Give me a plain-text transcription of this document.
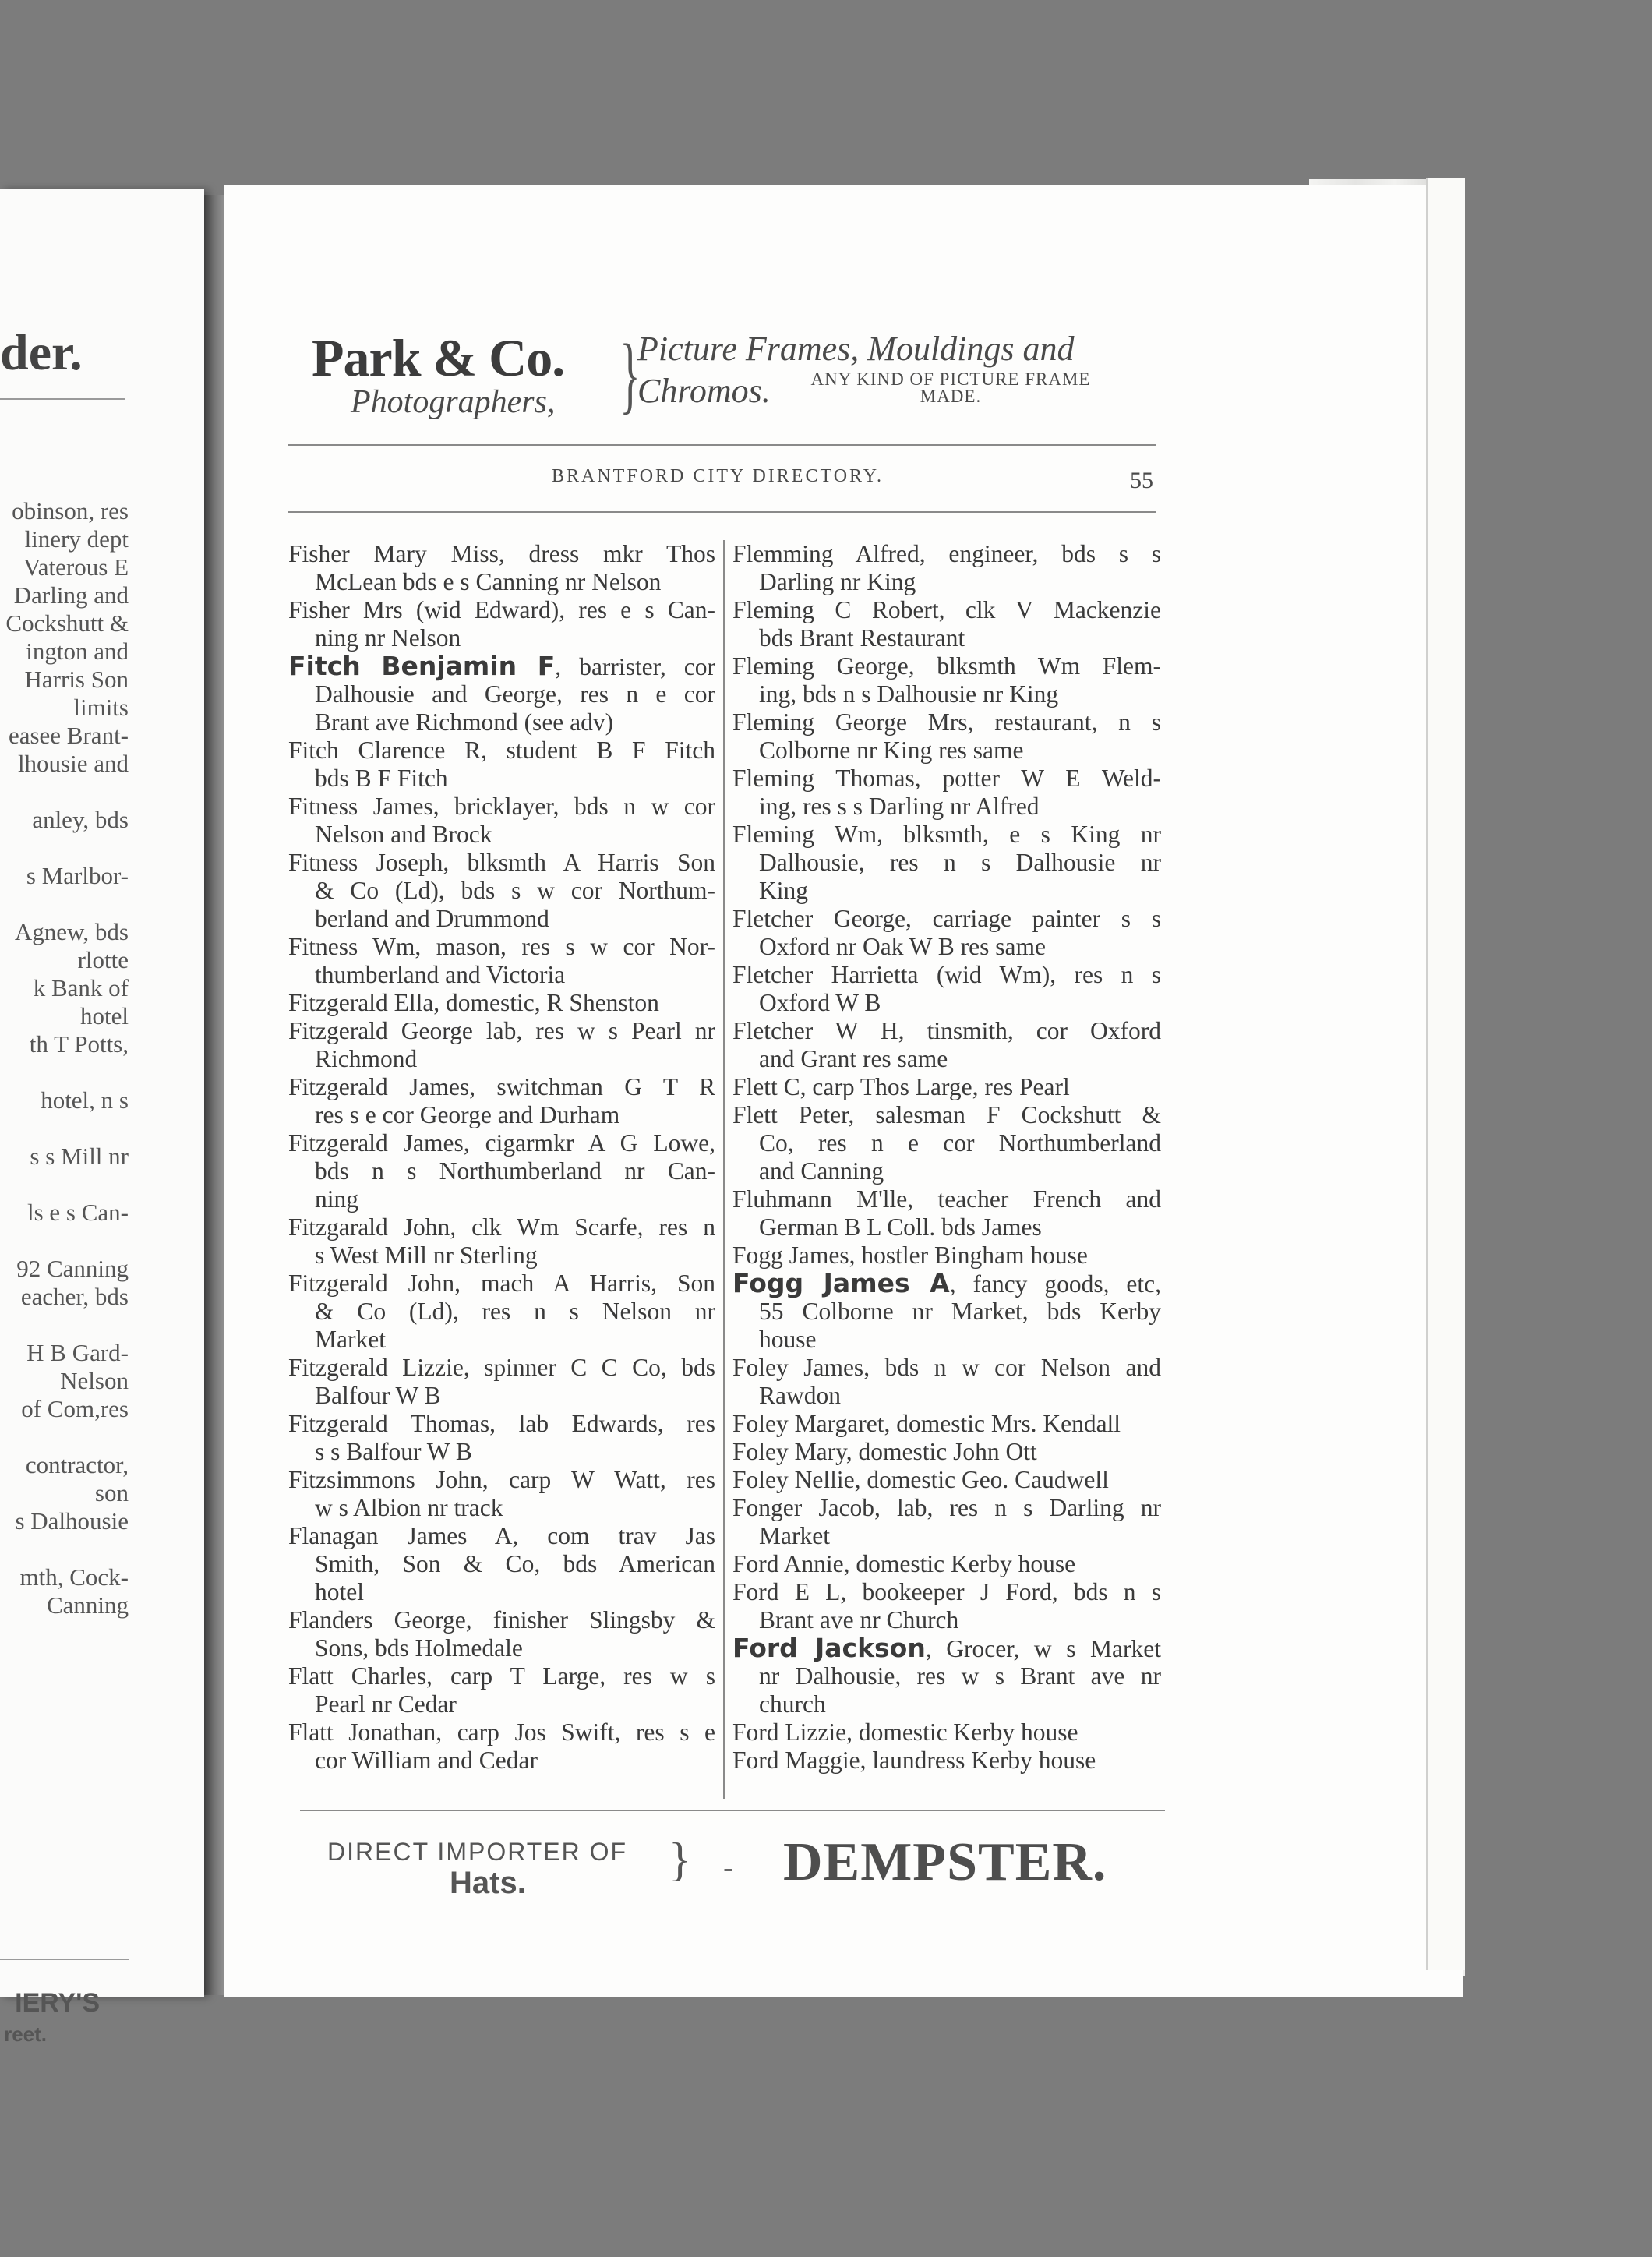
der.
obinson, res
linery dept
Vaterous E
Darling and
Cockshutt &
ington and
Harris Son
limits
easee Brant-
lhousie and
anley, bds
s Marlbor-
Agnew, bds
rlotte
k Bank of
hotel
th T Potts,
hotel, n s
s s Mill nr
ls e s Can-
92 Canning
eacher, bds
H B Gard-
Nelson
of Com,res
contractor,
son
s Dalhousie
mth, Cock-
Canning
IERY'S
reet.
Park & Co.
Photographers, }
Picture Frames, Mouldings and
Chromos.	ANY KIND OF PICTURE FRAME MADE.
BRANTFORD CITY DIRECTORY.	55
Fisher Mary Miss, dress mkr Thos
McLean bds e s Canning nr Nelson
Fisher Mrs (wid Edward), res e s Can-
ning nr Nelson
Fitch Benjamin F, barrister, cor
Dalhousie and George, res n e cor
Brant ave Richmond (see adv)
Fitch Clarence R, student B F Fitch
bds B F Fitch
Fitness James, bricklayer, bds n w cor
Nelson and Brock
Fitness Joseph, blksmth A Harris Son
& Co (Ld), bds s w cor Northum-
berland and Drummond
Fitness Wm, mason, res s w cor Nor-
thumberland and Victoria
Fitzgerald Ella, domestic, R Shenston
Fitzgerald George lab, res w s Pearl nr
Richmond
Fitzgerald James, switchman G T R
res s e cor George and Durham
Fitzgerald James, cigarmkr A G Lowe,
bds n s Northumberland nr Can-
ning
Fitzgarald John, clk Wm Scarfe, res n
s West Mill nr Sterling
Fitzgerald John, mach A Harris, Son
& Co (Ld), res n s Nelson nr
Market
Fitzgerald Lizzie, spinner C C Co, bds
Balfour W B
Fitzgerald Thomas, lab Edwards, res
s s Balfour W B
Fitzsimmons John, carp W Watt, res
w s Albion nr track
Flanagan James A, com trav Jas
Smith, Son & Co, bds American
hotel
Flanders George, finisher Slingsby &
Sons, bds Holmedale
Flatt Charles, carp T Large, res w s
Pearl nr Cedar
Flatt Jonathan, carp Jos Swift, res s e
cor William and Cedar
Flemming Alfred, engineer, bds s s
Darling nr King
Fleming C Robert, clk V Mackenzie
bds Brant Restaurant
Fleming George, blksmth Wm Flem-
ing, bds n s Dalhousie nr King
Fleming George Mrs, restaurant, n s
Colborne nr King res same
Fleming Thomas, potter W E Weld-
ing, res s s Darling nr Alfred
Fleming Wm, blksmth, e s King nr
Dalhousie, res n s Dalhousie nr
King
Fletcher George, carriage painter s s
Oxford nr Oak W B res same
Fletcher Harrietta (wid Wm), res n s
Oxford W B
Fletcher W H, tinsmith, cor Oxford
and Grant res same
Flett C, carp Thos Large, res Pearl
Flett Peter, salesman F Cockshutt &
Co, res n e cor Northumberland
and Canning
Fluhmann M'lle, teacher French and
German B L Coll. bds James
Fogg James, hostler Bingham house
Fogg James A, fancy goods, etc,
55 Colborne nr Market, bds Kerby
house
Foley James, bds n w cor Nelson and
Rawdon
Foley Margaret, domestic Mrs. Kendall
Foley Mary, domestic John Ott
Foley Nellie, domestic Geo. Caudwell
Fonger Jacob, lab, res n s Darling nr
Market
Ford Annie, domestic Kerby house
Ford E L, bookeeper J Ford, bds n s
Brant ave nr Church
Ford Jackson, Grocer, w s Market
nr Dalhousie, res w s Brant ave nr
church
Ford Lizzie, domestic Kerby house
Ford Maggie, laundress Kerby house
DIRECT IMPORTER OF
Hats.	} - DEMPSTER.
